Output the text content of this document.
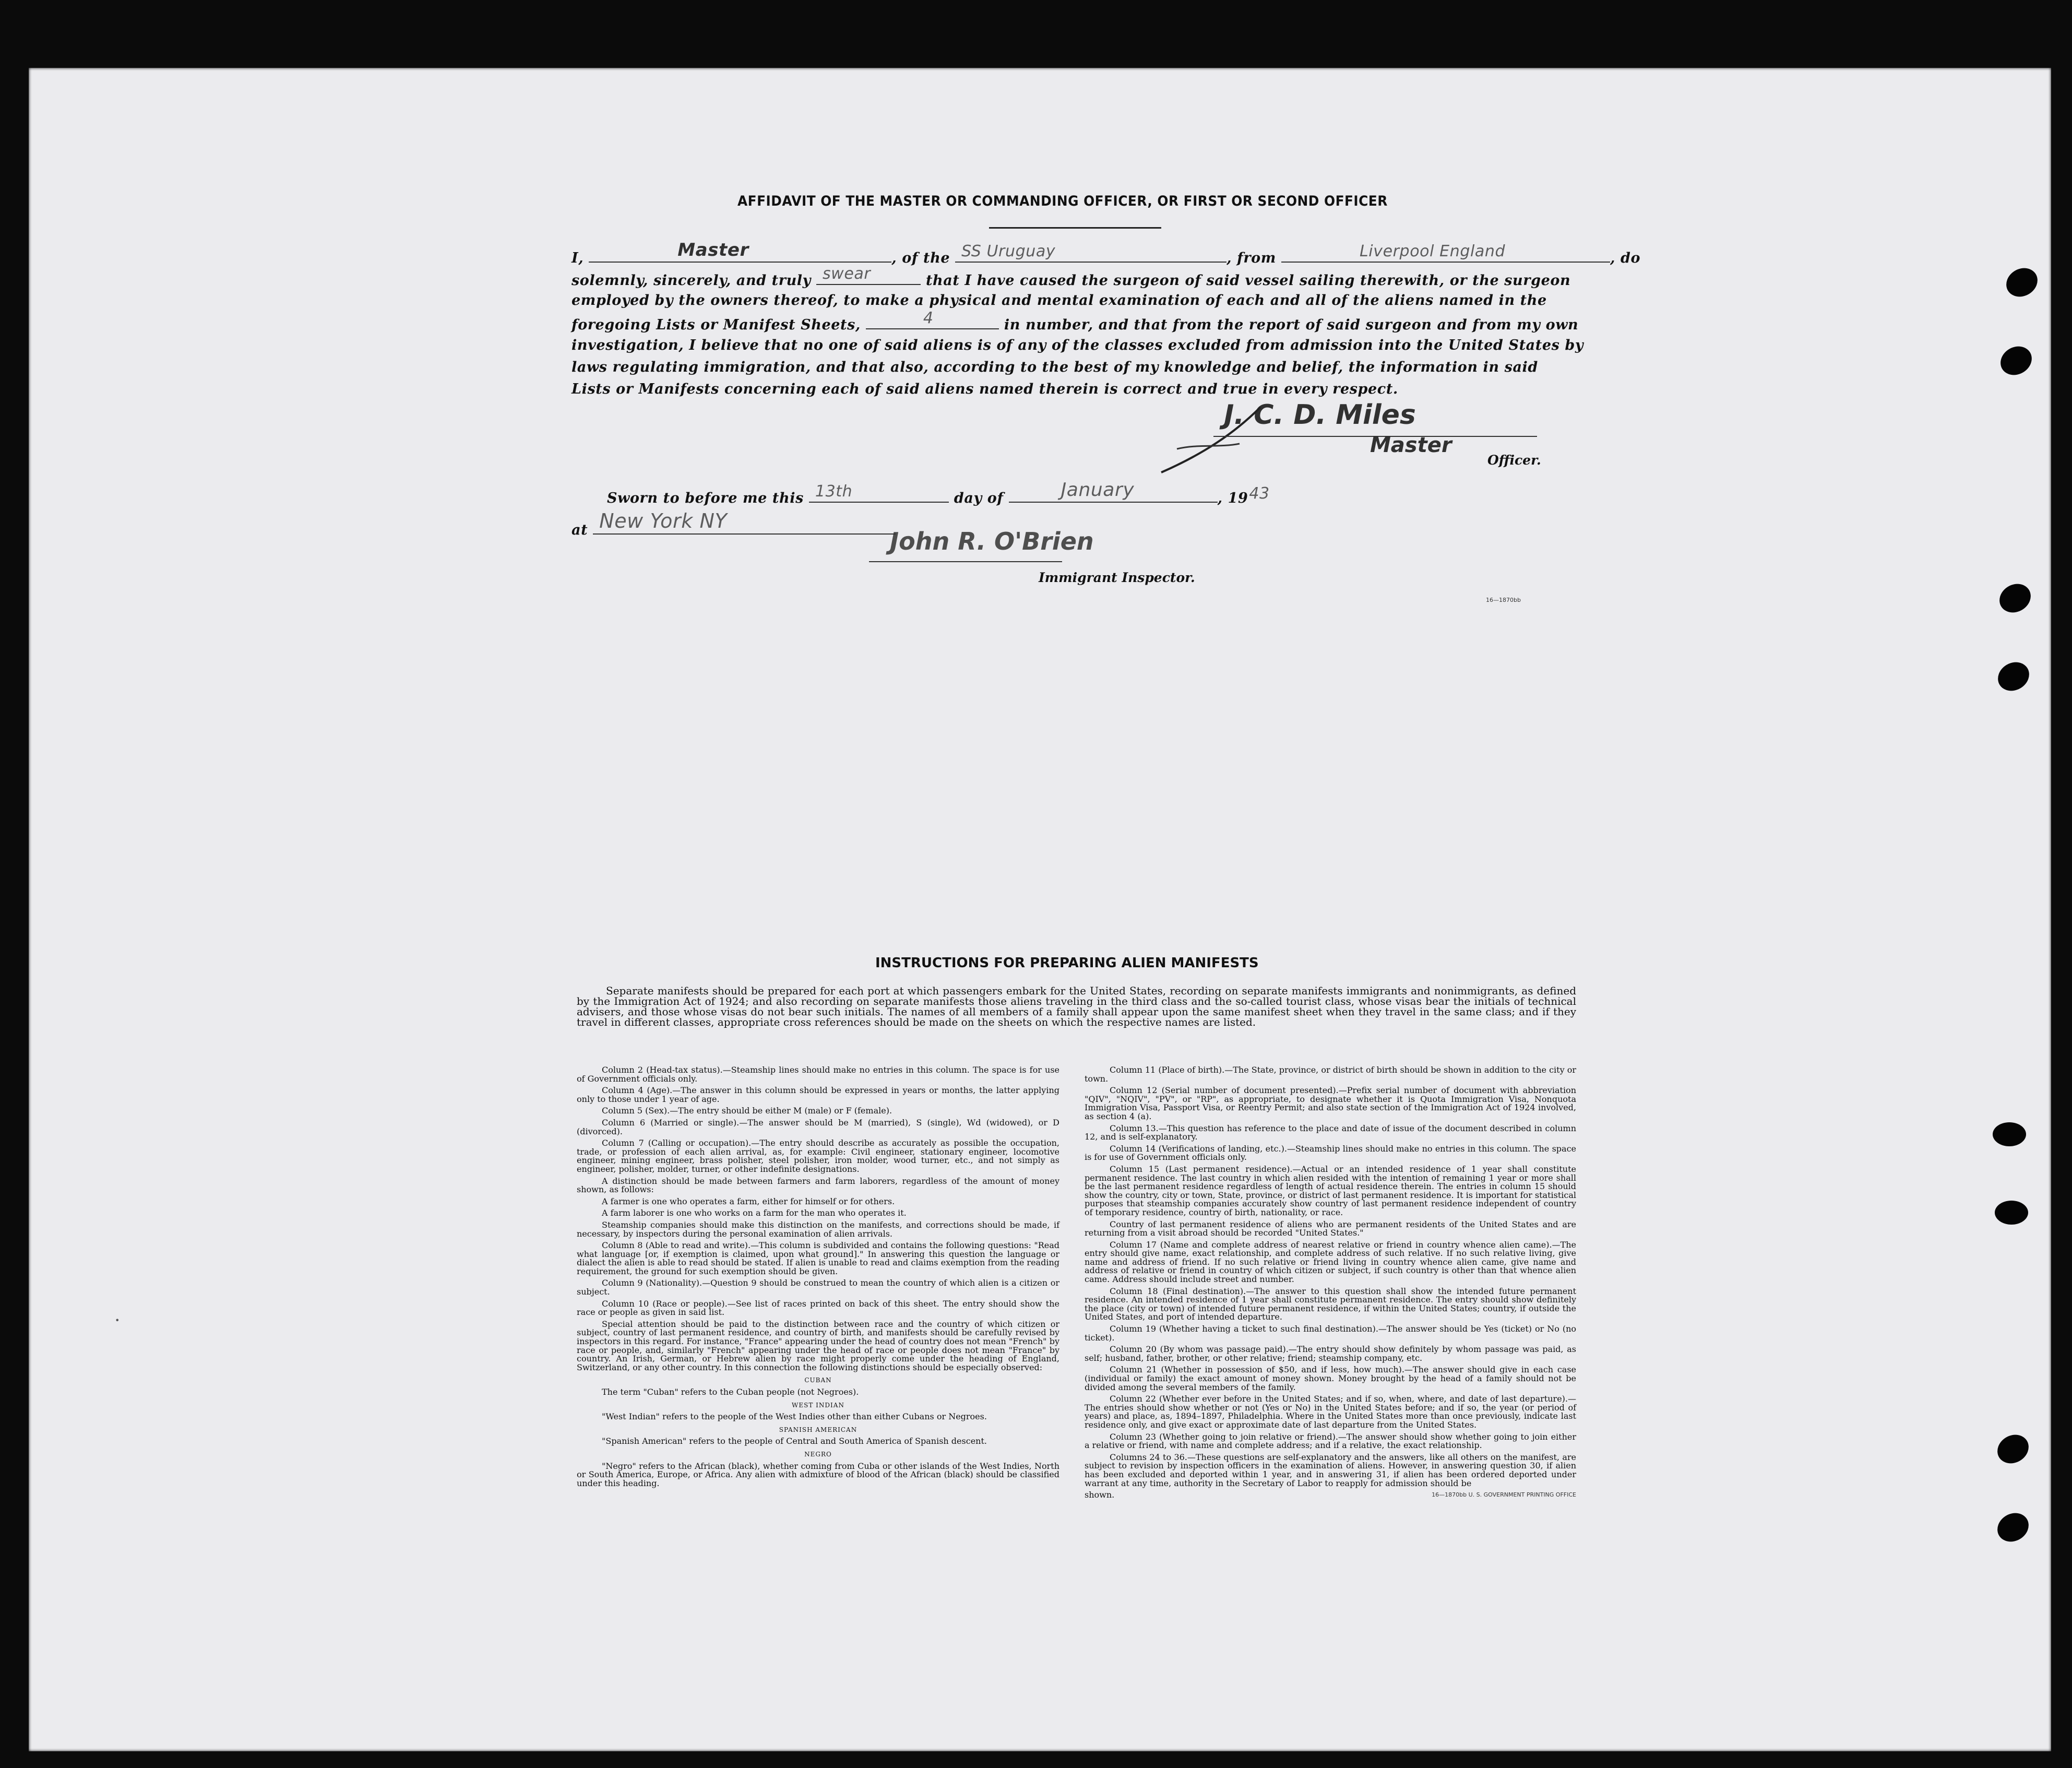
AFFIDAVIT OF THE MASTER OR COMMANDING OFFICER, OR FIRST OR SECOND OFFICER
I,	Master	, of the SS Uruguay	, from	Liverpool England	, do
solemnly, sincerely, and truly swear	that I have caused the surgeon of said vessel sailing therewith, or the surgeon
employed by the owners thereof, to make a physical and mental examination of each and all of the aliens named in the
foregoing Lists or Manifest Sheets,	4	in number, and that from the report of said surgeon and from my own
investigation, I believe that no one of said aliens is of any of the classes excluded from admission into the United States by
laws regulating immigration, and that also, according to the best of my knowledge and belief, the information in said
Lists or Manifests concerning each of said aliens named therein is correct and true in every respect.
J. C. D. Miles
Master
Officer.
Sworn to before me this 13th	day of	January	, 1943
at New York NY
John R. O'Brien
Immigrant Inspector.
16—1870bb
INSTRUCTIONS FOR PREPARING ALIEN MANIFESTS
Separate manifests should be prepared for each port at which passengers embark for the United States, recording on separate manifests immigrants and nonimmigrants, as defined by the Immigration Act of 1924; and also recording on separate manifests those aliens traveling in the third class and the so-called tourist class, whose visas bear the initials of technical advisers, and those whose visas do not bear such initials. The names of all members of a family shall appear upon the same manifest sheet when they travel in the same class; and if they travel in different classes, appropriate cross references should be made on the sheets on which the respective names are listed.

Column 2 (Head-tax status).—Steamship lines should make no entries in this column. The space is for use of Government officials only.

Column 4 (Age).—The answer in this column should be expressed in years or months, the latter applying only to those under 1 year of age.

Column 5 (Sex).—The entry should be either M (male) or F (female).

Column 6 (Married or single).—The answer should be M (married), S (single), Wd (widowed), or D (divorced).

Column 7 (Calling or occupation).—The entry should describe as accurately as possible the occupation, trade, or profession of each alien arrival, as, for example: Civil engineer, stationary engineer, locomotive engineer, mining engineer, brass polisher, steel polisher, iron molder, wood turner, etc., and not simply as engineer, polisher, molder, turner, or other indefinite designations.

A distinction should be made between farmers and farm laborers, regardless of the amount of money shown, as follows:

A farmer is one who operates a farm, either for himself or for others.

A farm laborer is one who works on a farm for the man who operates it.

Steamship companies should make this distinction on the manifests, and corrections should be made, if necessary, by inspectors during the personal examination of alien arrivals.

Column 8 (Able to read and write).—This column is subdivided and contains the following questions: "Read what language [or, if exemption is claimed, upon what ground]." In answering this question the language or dialect the alien is able to read should be stated. If alien is unable to read and claims exemption from the reading requirement, the ground for such exemption should be given.

Column 9 (Nationality).—Question 9 should be construed to mean the country of which alien is a citizen or subject.

Column 10 (Race or people).—See list of races printed on back of this sheet. The entry should show the race or people as given in said list.

Special attention should be paid to the distinction between race and the country of which citizen or subject, country of last permanent residence, and country of birth, and manifests should be carefully revised by inspectors in this regard. For instance, "France" appearing under the head of country does not mean "French" by race or people, and, similarly "French" appearing under the head of race or people does not mean "France" by country. An Irish, German, or Hebrew alien by race might properly come under the heading of England, Switzerland, or any other country. In this connection the following distinctions should be especially observed:

CUBAN

The term "Cuban" refers to the Cuban people (not Negroes).

WEST INDIAN

"West Indian" refers to the people of the West Indies other than either Cubans or Negroes.

SPANISH AMERICAN

"Spanish American" refers to the people of Central and South America of Spanish descent.

NEGRO

"Negro" refers to the African (black), whether coming from Cuba or other islands of the West Indies, North or South America, Europe, or Africa. Any alien with admixture of blood of the African (black) should be classified under this heading.

Column 11 (Place of birth).—The State, province, or district of birth should be shown in addition to the city or town.

Column 12 (Serial number of document presented).—Prefix serial number of document with abbreviation "QIV", "NQIV", "PV", or "RP", as appropriate, to designate whether it is Quota Immigration Visa, Nonquota Immigration Visa, Passport Visa, or Reentry Permit; and also state section of the Immigration Act of 1924 involved, as section 4 (a).

Column 13.—This question has reference to the place and date of issue of the document described in column 12, and is self-explanatory.

Column 14 (Verifications of landing, etc.).—Steamship lines should make no entries in this column. The space is for use of Government officials only.

Column 15 (Last permanent residence).—Actual or an intended residence of 1 year shall constitute permanent residence. The last country in which alien resided with the intention of remaining 1 year or more shall be the last permanent residence regardless of length of actual residence therein. The entries in column 15 should show the country, city or town, State, province, or district of last permanent residence. It is important for statistical purposes that steamship companies accurately show country of last permanent residence independent of country of temporary residence, country of birth, nationality, or race.

Country of last permanent residence of aliens who are permanent residents of the United States and are returning from a visit abroad should be recorded "United States."

Column 17 (Name and complete address of nearest relative or friend in country whence alien came).—The entry should give name, exact relationship, and complete address of such relative. If no such relative living, give name and address of friend. If no such relative or friend living in country whence alien came, give name and address of relative or friend in country of which citizen or subject, if such country is other than that whence alien came. Address should include street and number.

Column 18 (Final destination).—The answer to this question shall show the intended future permanent residence. An intended residence of 1 year shall constitute permanent residence. The entry should show definitely the place (city or town) of intended future permanent residence, if within the United States; country, if outside the United States, and port of intended departure.

Column 19 (Whether having a ticket to such final destination).—The answer should be Yes (ticket) or No (no ticket).

Column 20 (By whom was passage paid).—The entry should show definitely by whom passage was paid, as self; husband, father, brother, or other relative; friend; steamship company, etc.

Column 21 (Whether in possession of $50, and if less, how much).—The answer should give in each case (individual or family) the exact amount of money shown. Money brought by the head of a family should not be divided among the several members of the family.

Column 22 (Whether ever before in the United States; and if so, when, where, and date of last departure).—The entries should show whether or not (Yes or No) in the United States before; and if so, the year (or period of years) and place, as, 1894–1897, Philadelphia. Where in the United States more than once previously, indicate last residence only, and give exact or approximate date of last departure from the United States.

Column 23 (Whether going to join relative or friend).—The answer should show whether going to join either a relative or friend, with name and complete address; and if a relative, the exact relationship.

Columns 24 to 36.—These questions are self-explanatory and the answers, like all others on the manifest, are subject to revision by inspection officers in the examination of aliens. However, in answering question 30, if alien has been excluded and deported within 1 year, and in answering 31, if alien has been ordered deported under warrant at any time, authority in the Secretary of Labor to reapply for admission should be

shown.	16—1870bb U. S. GOVERNMENT PRINTING OFFICE

•
